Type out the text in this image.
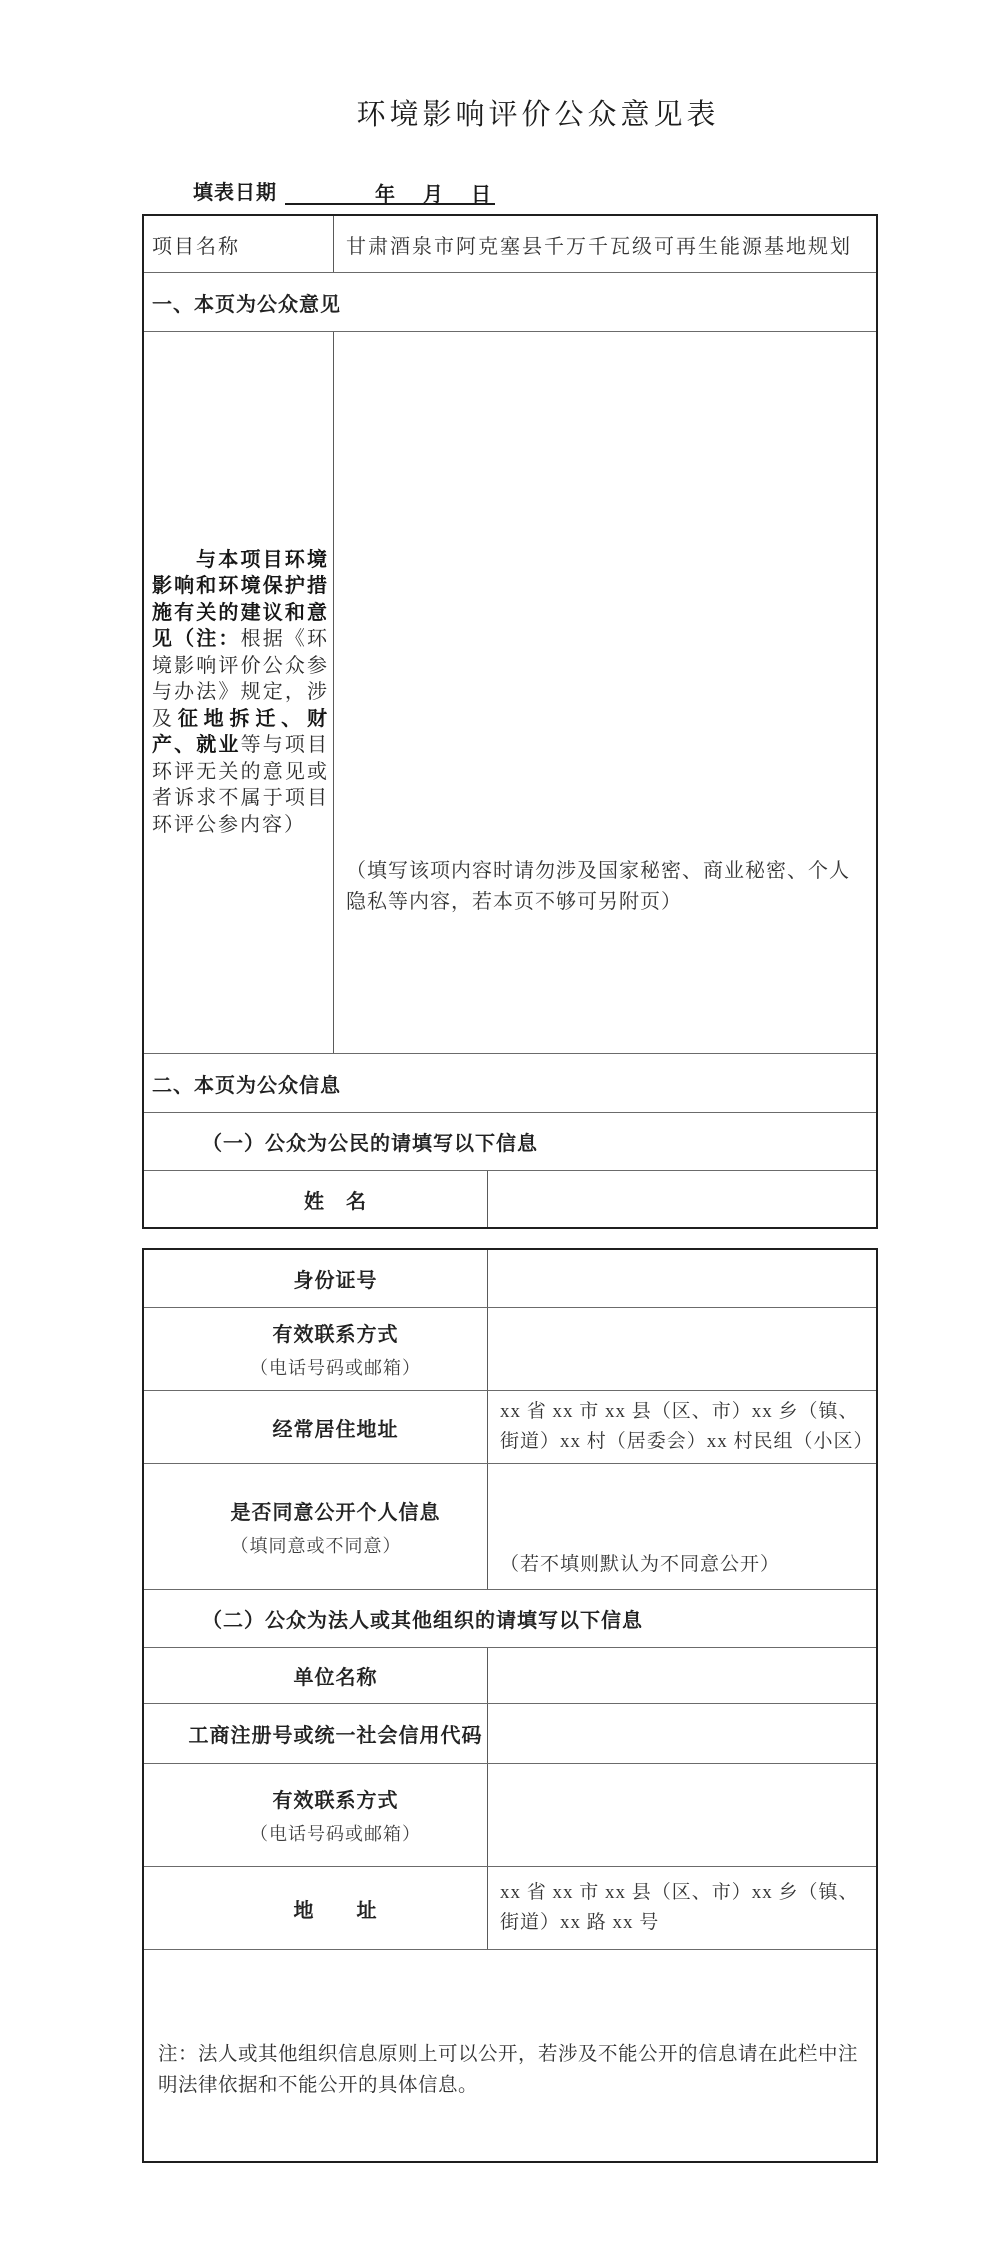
环境影响评价公众意见表
填表日期	年　月　日
项目名称	甘肃酒泉市阿克塞县千万千瓦级可再生能源基地规划
一、本页为公众意见

与本项目环境影响和环境保护措施有关的建议和意见（注：根据《环境影响评价公众参与办法》规定，涉及征地拆迁、财产、就业等与项目环评无关的意见或者诉求不属于项目环评公参内容）

（填写该项内容时请勿涉及国家秘密、商业秘密、个人隐私等内容，若本页不够可另附页）
二、本页为公众信息
（一）公众为公民的请填写以下信息
姓　名
身份证号
有效联系方式
（电话号码或邮箱）
经常居住地址
xx 省 xx 市 xx 县（区、市）xx 乡（镇、街道）xx 村（居委会）xx 村民组（小区）
是否同意公开个人信息
（填同意或不同意）
（若不填则默认为不同意公开）
（二）公众为法人或其他组织的请填写以下信息
单位名称
工商注册号或统一社会信用代码
有效联系方式
（电话号码或邮箱）
地　　址
xx 省 xx 市 xx 县（区、市）xx 乡（镇、街道）xx 路 xx 号
注：法人或其他组织信息原则上可以公开，若涉及不能公开的信息请在此栏中注明法律依据和不能公开的具体信息。
